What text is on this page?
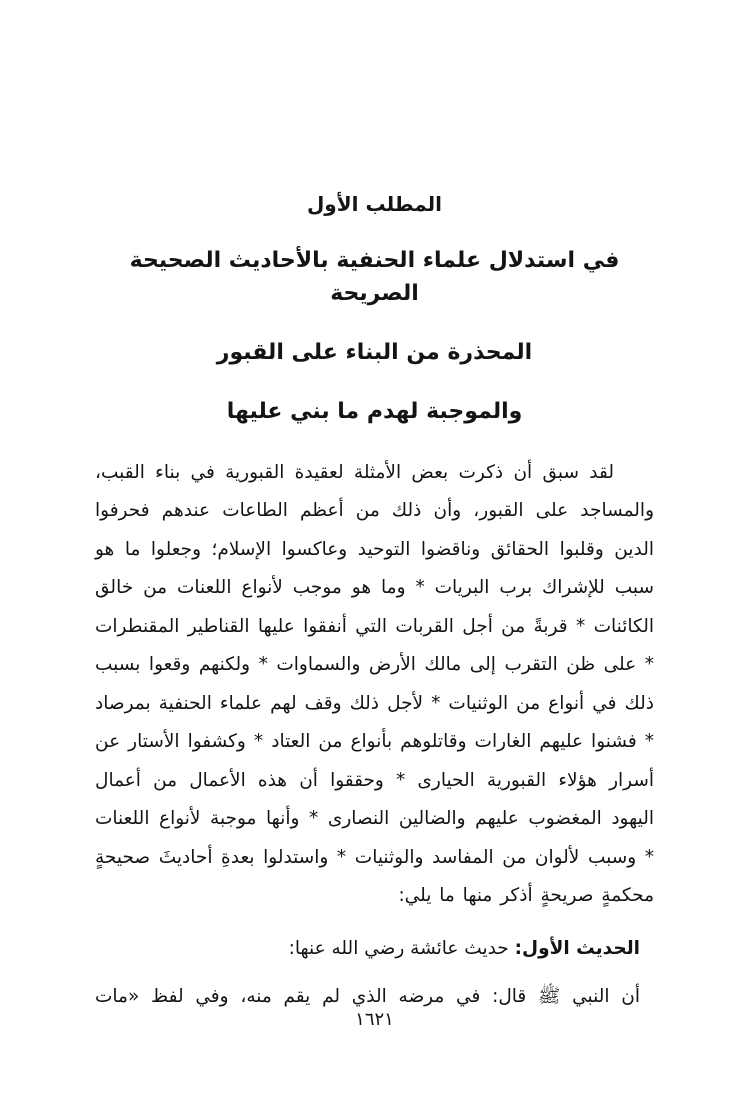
المطلب الأول
في استدلال علماء الحنفية بالأحاديث الصحيحة الصريحة
المحذرة من البناء على القبور
والموجبة لهدم ما بني عليها

لقد سبق أن ذكرت بعض الأمثلة لعقيدة القبورية في بناء القبب، والمساجد على القبور، وأن ذلك من أعظم الطاعات عندهم فحرفوا الدين وقلبوا الحقائق وناقضوا التوحيد وعاكسوا الإسلام؛ وجعلوا ما هو سبب للإشراك برب البريات * وما هو موجب لأنواع اللعنات من خالق الكائنات * قربةً من أجل القربات التي أنفقوا عليها القناطير المقنطرات * على ظن التقرب إلى مالك الأرض والسماوات * ولكنهم وقعوا بسبب ذلك في أنواع من الوثنيات * لأجل ذلك وقف لهم علماء الحنفية بمرصاد * فشنوا عليهم الغارات وقاتلوهم بأنواع من العتاد * وكشفوا الأستار عن أسرار هؤلاء القبورية الحيارى * وحققوا أن هذه الأعمال من أعمال اليهود المغضوب عليهم والضالين النصارى * وأنها موجبة لأنواع اللعنات * وسبب لألوان من المفاسد والوثنيات * واستدلوا بعدةِ أحاديثَ صحيحةٍ محكمةٍ صريحةٍ أذكر منها ما يلي:

الحديث الأول: حديث عائشة رضي الله عنها:

أن النبي ﷺ قال: في مرضه الذي لم يقم منه، وفي لفظ «مات

١٦٢١
